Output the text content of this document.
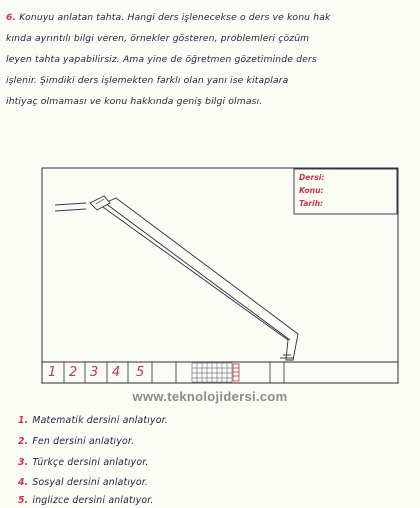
6. Konuyu anlatan tahta. Hangi ders işlenecekse o ders ve konu hak
kında ayrıntılı bilgi veren, örnekler gösteren, problemleri çözüm
leyen tahta yapabilirsiz. Ama yine de öğretmen gözetiminde ders
işlenir. Şimdiki ders işlemekten farklı olan yanı ise kitaplara
ihtiyaç olmaması ve konu hakkında geniş bilgi olması.
Dersi:
Konu:
Tarih:
1 2 3 4 5
www.teknolojidersi.com
1. Matematik dersini anlatıyor.
2. Fen dersini anlatıyor.
3. Türkçe dersini anlatıyor.
4. Sosyal dersini anlatıyor.
5. inglizce dersini anlatıyor.
